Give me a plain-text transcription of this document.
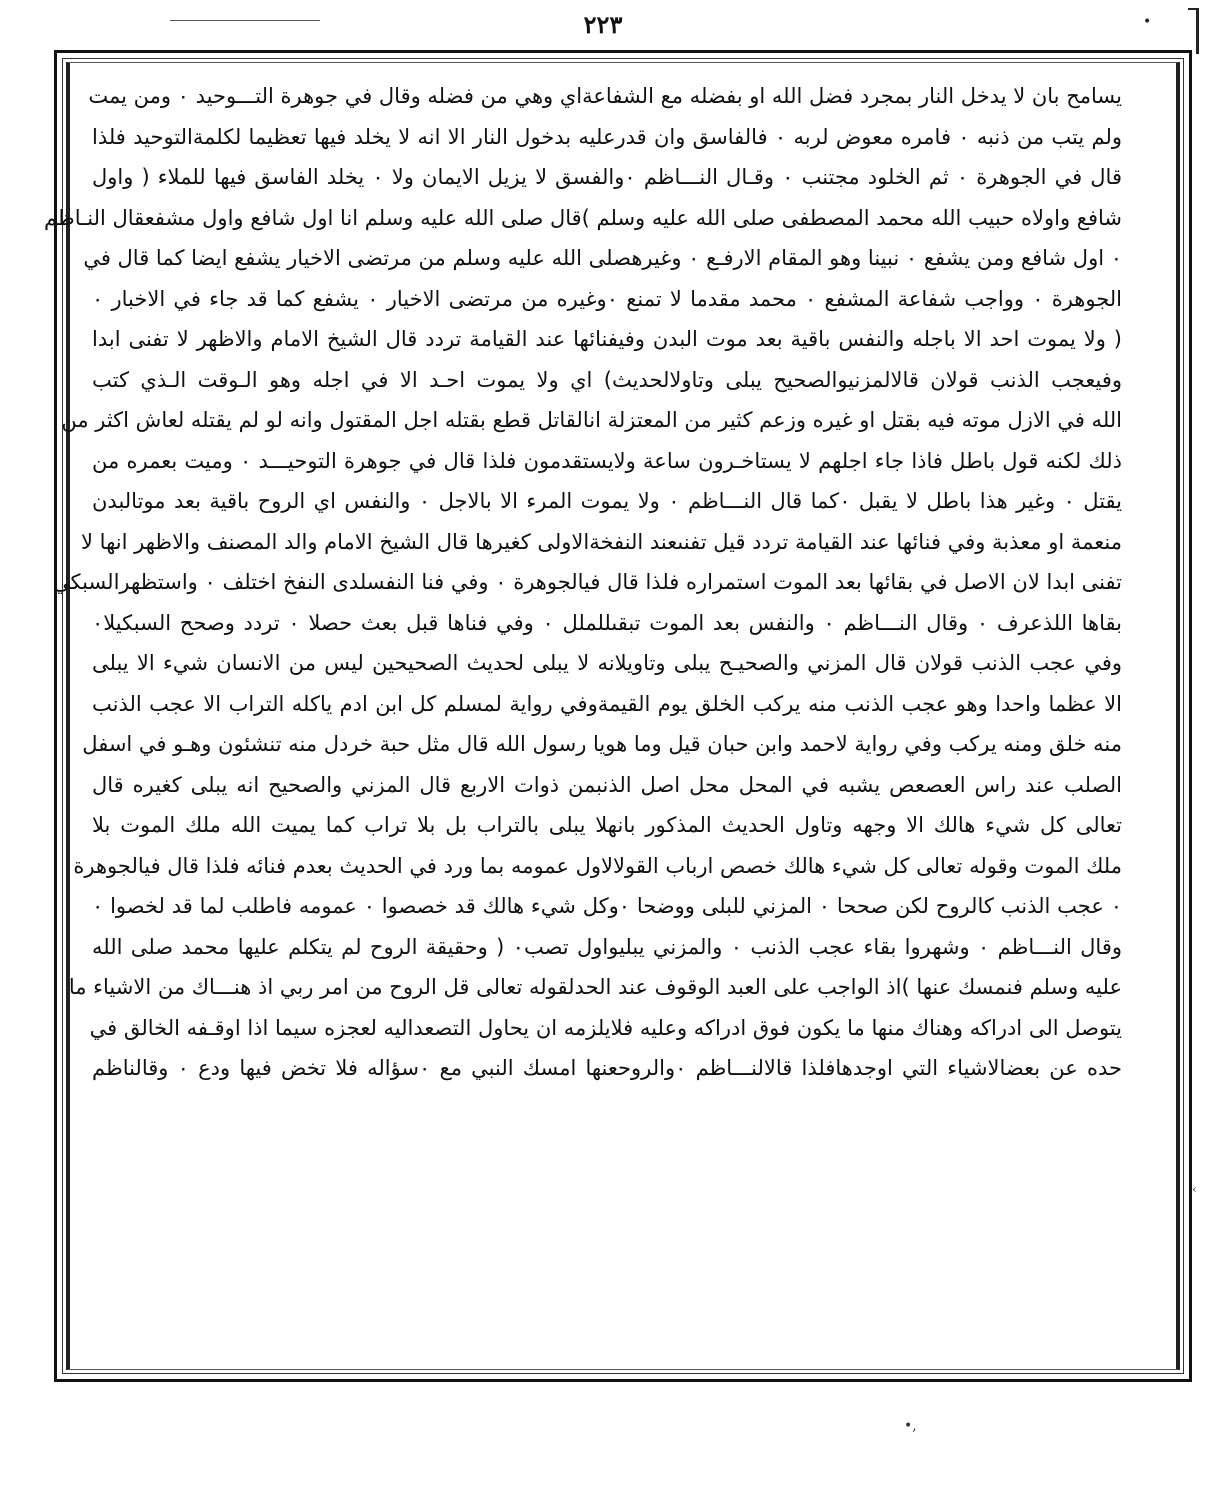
٢٢٣	•
يسامح بان لا يدخل النار بمجرد فضل الله او بفضله مع الشفاعةاي وهي من فضله وقال في جوهرة التـــوحيد ٠ ومن يمت
ولم يتب من ذنبه ٠ فامره معوض لربه ٠ فالفاسق وان قدرعليه بدخول النار الا انه لا يخلد فيها تعظيما لكلمةالتوحيد فلذا
قال في الجوهرة ٠ ثم الخلود مجتنب ٠ وقـال النـــاظم ٠والفسق لا يزيل الايمان ولا ٠ يخلد الفاسق فيها للملاء ( واول
شافع واولاه حبيب الله محمد المصطفى صلى الله عليه وسلم )قال صلى الله عليه وسلم انا اول شافع واول مشفعقال النـاظم
٠ اول شافع ومن يشفع ٠ نبينا وهو المقام الارفـع ٠ وغيرهصلى الله عليه وسلم من مرتضى الاخيار يشفع ايضا كما قال في
الجوهرة ٠ وواجب شفاعة المشفع ٠ محمد مقدما لا تمنع ٠وغيره من مرتضى الاخيار ٠ يشفع كما قد جاء في الاخبار ٠
( ولا يموت احد الا باجله والنفس باقية بعد موت البدن وفيفنائها عند القيامة تردد قال الشيخ الامام والاظهر لا تفنى ابدا
وفيعجب الذنب قولان قالالمزنيوالصحيح يبلى وتاولالحديث) اي ولا يموت احـد الا في اجله وهو الـوقت الـذي كتب
الله في الازل موته فيه بقتل او غيره وزعم كثير من المعتزلة انالقاتل قطع بقتله اجل المقتول وانه لو لم يقتله لعاش اكثر من
ذلك لكنه قول باطل فاذا جاء اجلهم لا يستاخـرون ساعة ولايستقدمون فلذا قال في جوهرة التوحيـــد ٠ وميت بعمره من
يقتل ٠ وغير هذا باطل لا يقبل ٠كما قال النـــاظم ٠ ولا يموت المرء الا بالاجل ٠ والنفس اي الروح باقية بعد موتالبدن
منعمة او معذبة وفي فنائها عند القيامة تردد قيل تفنىعند النفخةالاولى كغيرها قال الشيخ الامام والد المصنف والاظهر انها لا
تفنى ابدا لان الاصل في بقائها بعد الموت استمراره فلذا قال فيالجوهرة ٠ وفي فنا النفسلدى النفخ اختلف ٠ واستظهرالسبكي
بقاها اللذعرف ٠ وقال النـــاظم ٠ والنفس بعد الموت تبقىللملل ٠ وفي فناها قبل بعث حصلا ٠ تردد وصحح السبكيلا٠
وفي عجب الذنب قولان قال المزني والصحيـح يبلى وتاويلانه لا يبلى لحديث الصحيحين ليس من الانسان شيء الا يبلى
الا عظما واحدا وهو عجب الذنب منه يركب الخلق يوم القيمةوفي رواية لمسلم كل ابن ادم ياكله التراب الا عجب الذنب
منه خلق ومنه يركب وفي رواية لاحمد وابن حبان قيل وما هويا رسول الله قال مثل حبة خردل منه تنشئون وهـو في اسفل
الصلب عند راس العصعص يشبه في المحل محل اصل الذنبمن ذوات الاربع قال المزني والصحيح انه يبلى كغيره قال
تعالى كل شيء هالك الا وجهه وتاول الحديث المذكور بانهلا يبلى بالتراب بل بلا تراب كما يميت الله ملك الموت بلا
ملك الموت وقوله تعالى كل شيء هالك خصص ارباب القولالاول عمومه بما ورد في الحديث بعدم فنائه فلذا قال فيالجوهرة
٠ عجب الذنب كالروح لكن صححا ٠ المزني للبلى ووضحا ٠وكل شيء هالك قد خصصوا ٠ عمومه فاطلب لما قد لخصوا ٠
وقال النـــاظم ٠ وشهروا بقاء عجب الذنب ٠ والمزني يبليواول تصب٠ ( وحقيقة الروح لم يتكلم عليها محمد صلى الله
عليه وسلم فنمسك عنها )اذ الواجب على العبد الوقوف عند الحدلقوله تعالى قل الروح من امر ربي اذ هنـــاك من الاشياء ما
يتوصل الى ادراكه وهناك منها ما يكون فوق ادراكه وعليه فلايلزمه ان يحاول التصعداليه لعجزه سيما اذا اوقـفه الخالق في
حده عن بعضالاشياء التي اوجدهافلذا قالالنـــاظم ٠والروحعنها امسك النبي مع ٠سؤاله فلا تخض فيها ودع ٠ وقالناظم
‹
•,
